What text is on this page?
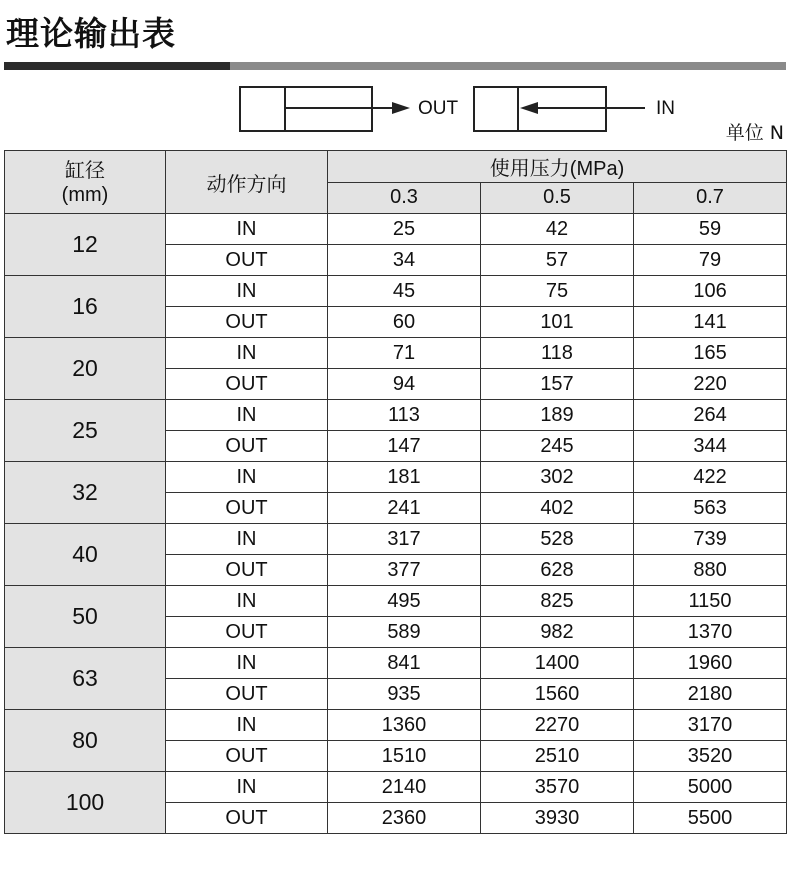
理论输出表
OUT	IN
单位 N
缸径
(mm)	动作方向	使用压力(MPa)		
		0.3	0.5	0.7
12	IN	25	42	59
	OUT	34	57	79
16	IN	45	75	106
	OUT	60	101	141
20	IN	71	118	165
	OUT	94	157	220
25	IN	113	189	264
	OUT	147	245	344
32	IN	181	302	422
	OUT	241	402	563
40	IN	317	528	739
	OUT	377	628	880
50	IN	495	825	1150
	OUT	589	982	1370
63	IN	841	1400	1960
	OUT	935	1560	2180
80	IN	1360	2270	3170
	OUT	1510	2510	3520
100	IN	2140	3570	5000
	OUT	2360	3930	5500
